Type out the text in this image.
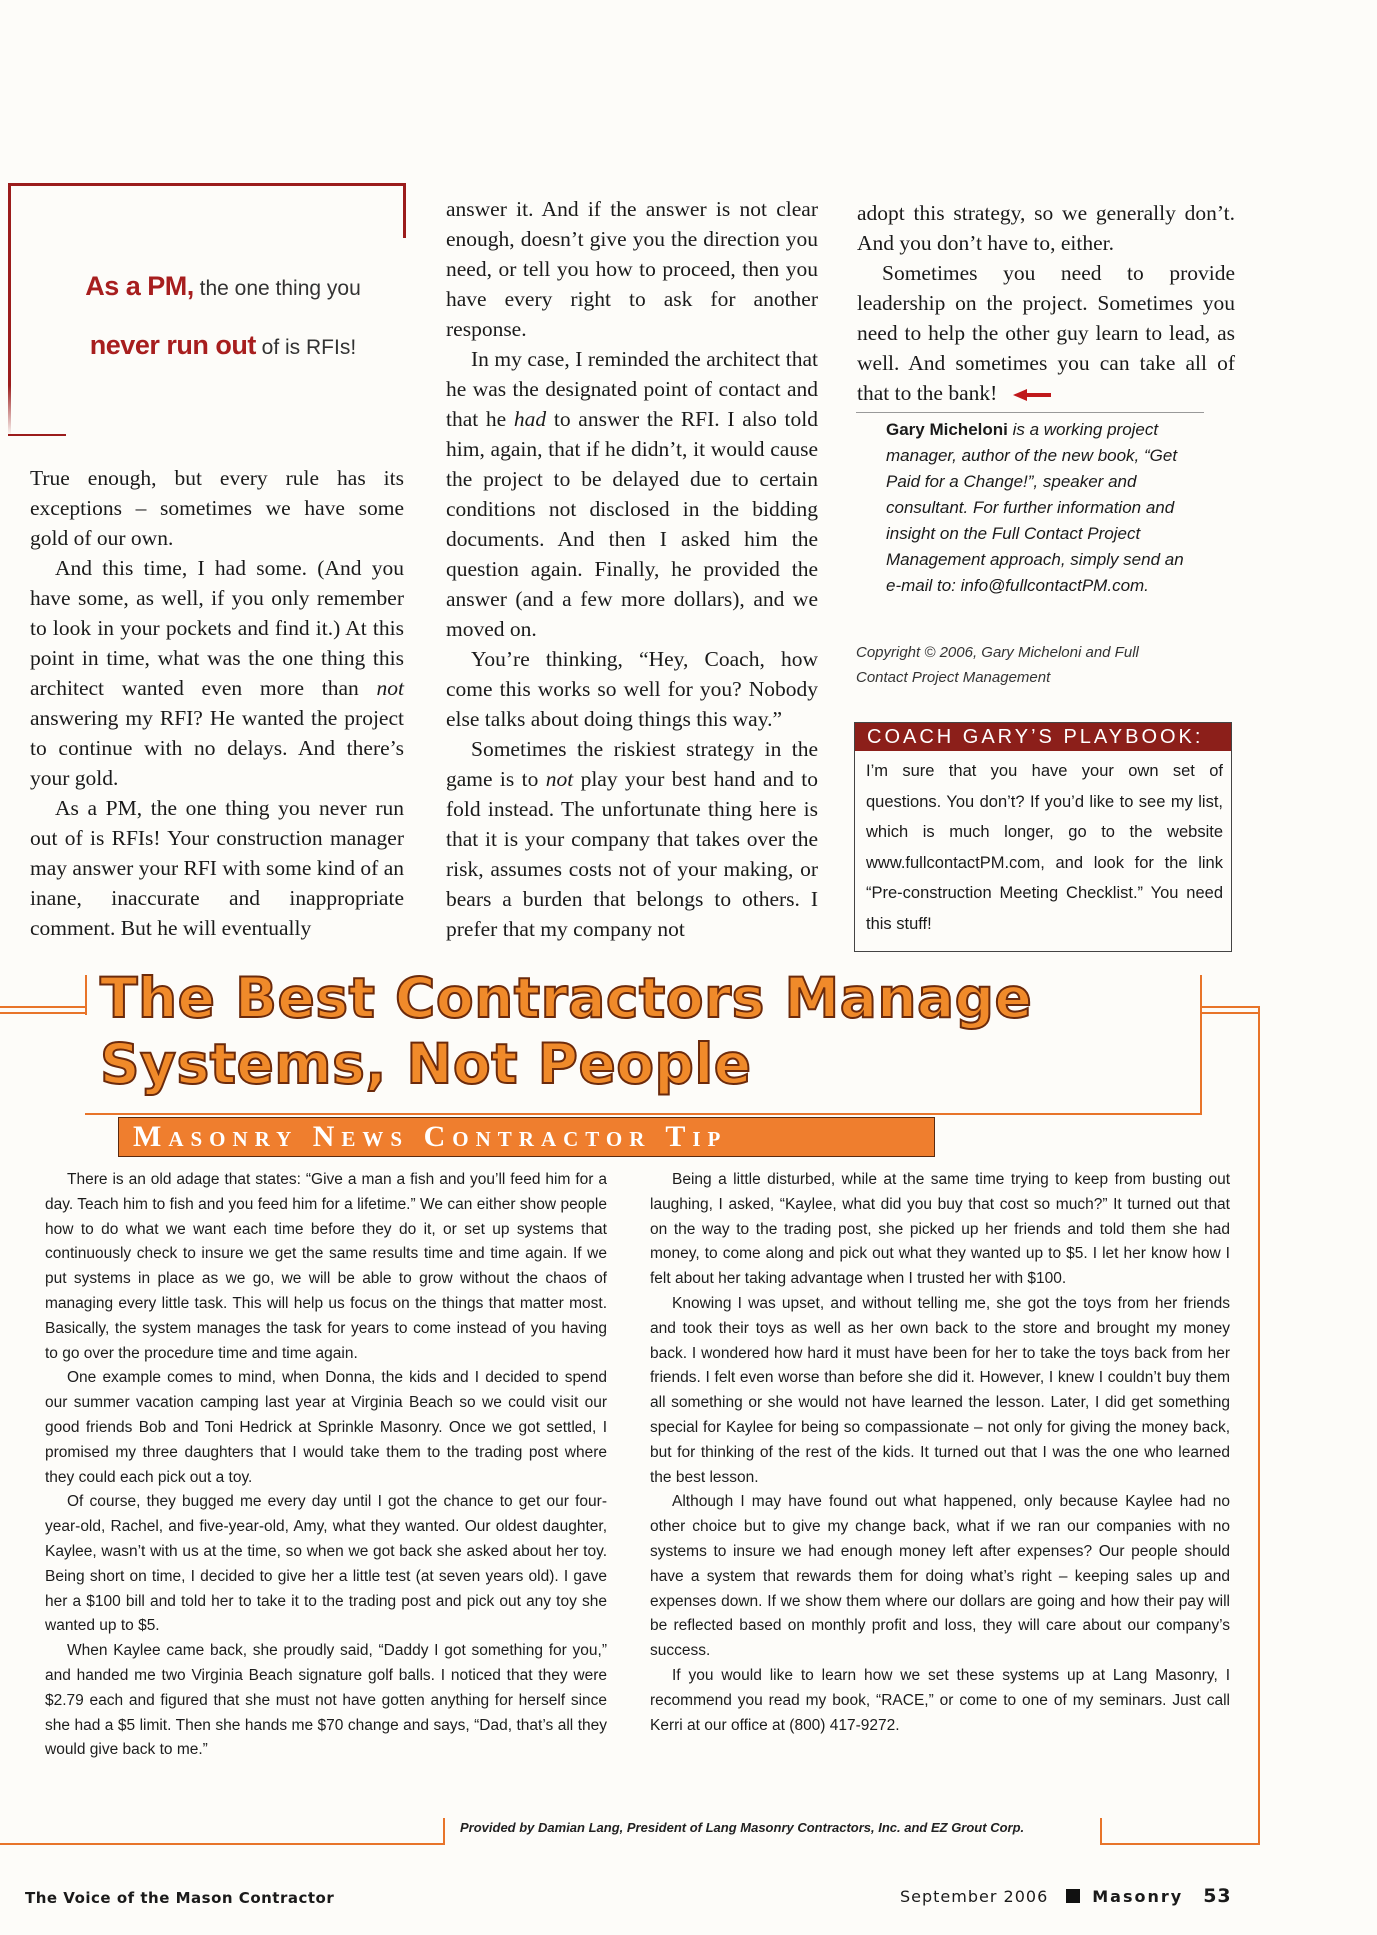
As a PM, the one thing you
never run out of is RFIs!

True enough, but every rule has its exceptions – sometimes we have some gold of our own.

And this time, I had some. (And you have some, as well, if you only remember to look in your pockets and find it.) At this point in time, what was the one thing this architect wanted even more than not answering my RFI? He wanted the project to continue with no delays. And there’s your gold.

As a PM, the one thing you never run out of is RFIs! Your construction manager may answer your RFI with some kind of an inane, inaccurate and inappropriate comment. But he will eventually

answer it. And if the answer is not clear enough, doesn’t give you the direction you need, or tell you how to proceed, then you have every right to ask for another response.

In my case, I reminded the architect that he was the designated point of contact and that he had to answer the RFI. I also told him, again, that if he didn’t, it would cause the project to be delayed due to certain conditions not disclosed in the bidding documents. And then I asked him the question again. Finally, he provided the answer (and a few more dollars), and we moved on.

You’re thinking, “Hey, Coach, how come this works so well for you? Nobody else talks about doing things this way.”

Sometimes the riskiest strategy in the game is to not play your best hand and to fold instead. The unfortunate thing here is that it is your company that takes over the risk, assumes costs not of your making, or bears a burden that belongs to others. I prefer that my company not

adopt this strategy, so we generally don’t. And you don’t have to, either.

Sometimes you need to provide leadership on the project. Sometimes you need to help the other guy learn to lead, as well. And sometimes you can take all of that to the bank!

Gary Micheloni is a working project manager, author of the new book, “Get Paid for a Change!”, speaker and consultant. For further information and insight on the Full Contact Project Management approach, simply send an e-mail to: info@fullcontactPM.com.
Copyright © 2006, Gary Micheloni and Full Contact Project Management
COACH GARY’S PLAYBOOK:
I’m sure that you have your own set of questions. You don’t? If you’d like to see my list, which is much longer, go to the website www.fullcontactPM.com, and look for the link “Pre-construction Meeting Checklist.” You need this stuff!
The Best Contractors Manage
Systems, Not People
Masonry News Contractor Tip

There is an old adage that states: “Give a man a fish and you’ll feed him for a day. Teach him to fish and you feed him for a lifetime.” We can either show people how to do what we want each time before they do it, or set up systems that continuously check to insure we get the same results time and time again. If we put systems in place as we go, we will be able to grow without the chaos of managing every little task. This will help us focus on the things that matter most. Basically, the system manages the task for years to come instead of you having to go over the procedure time and time again.

One example comes to mind, when Donna, the kids and I decided to spend our summer vacation camping last year at Virginia Beach so we could visit our good friends Bob and Toni Hedrick at Sprinkle Masonry. Once we got settled, I promised my three daughters that I would take them to the trading post where they could each pick out a toy.

Of course, they bugged me every day until I got the chance to get our four-year-old, Rachel, and five-year-old, Amy, what they wanted. Our oldest daughter, Kaylee, wasn’t with us at the time, so when we got back she asked about her toy. Being short on time, I decided to give her a little test (at seven years old). I gave her a $100 bill and told her to take it to the trading post and pick out any toy she wanted up to $5.

When Kaylee came back, she proudly said, “Daddy I got something for you,” and handed me two Virginia Beach signature golf balls. I noticed that they were $2.79 each and figured that she must not have gotten anything for herself since she had a $5 limit. Then she hands me $70 change and says, “Dad, that’s all they would give back to me.”

Being a little disturbed, while at the same time trying to keep from busting out laughing, I asked, “Kaylee, what did you buy that cost so much?” It turned out that on the way to the trading post, she picked up her friends and told them she had money, to come along and pick out what they wanted up to $5. I let her know how I felt about her taking advantage when I trusted her with $100.

Knowing I was upset, and without telling me, she got the toys from her friends and took their toys as well as her own back to the store and brought my money back. I wondered how hard it must have been for her to take the toys back from her friends. I felt even worse than before she did it. However, I knew I couldn’t buy them all something or she would not have learned the lesson. Later, I did get something special for Kaylee for being so compassionate – not only for giving the money back, but for thinking of the rest of the kids. It turned out that I was the one who learned the best lesson.

Although I may have found out what happened, only because Kaylee had no other choice but to give my change back, what if we ran our companies with no systems to insure we had enough money left after expenses? Our people should have a system that rewards them for doing what’s right – keeping sales up and expenses down. If we show them where our dollars are going and how their pay will be reflected based on monthly profit and loss, they will care about our company’s success.

If you would like to learn how we set these systems up at Lang Masonry, I recommend you read my book, “RACE,” or come to one of my seminars. Just call Kerri at our office at (800) 417-9272.

Provided by Damian Lang, President of Lang Masonry Contractors, Inc. and EZ Grout Corp.
The Voice of the Mason Contractor	September 2006	Masonry 53
